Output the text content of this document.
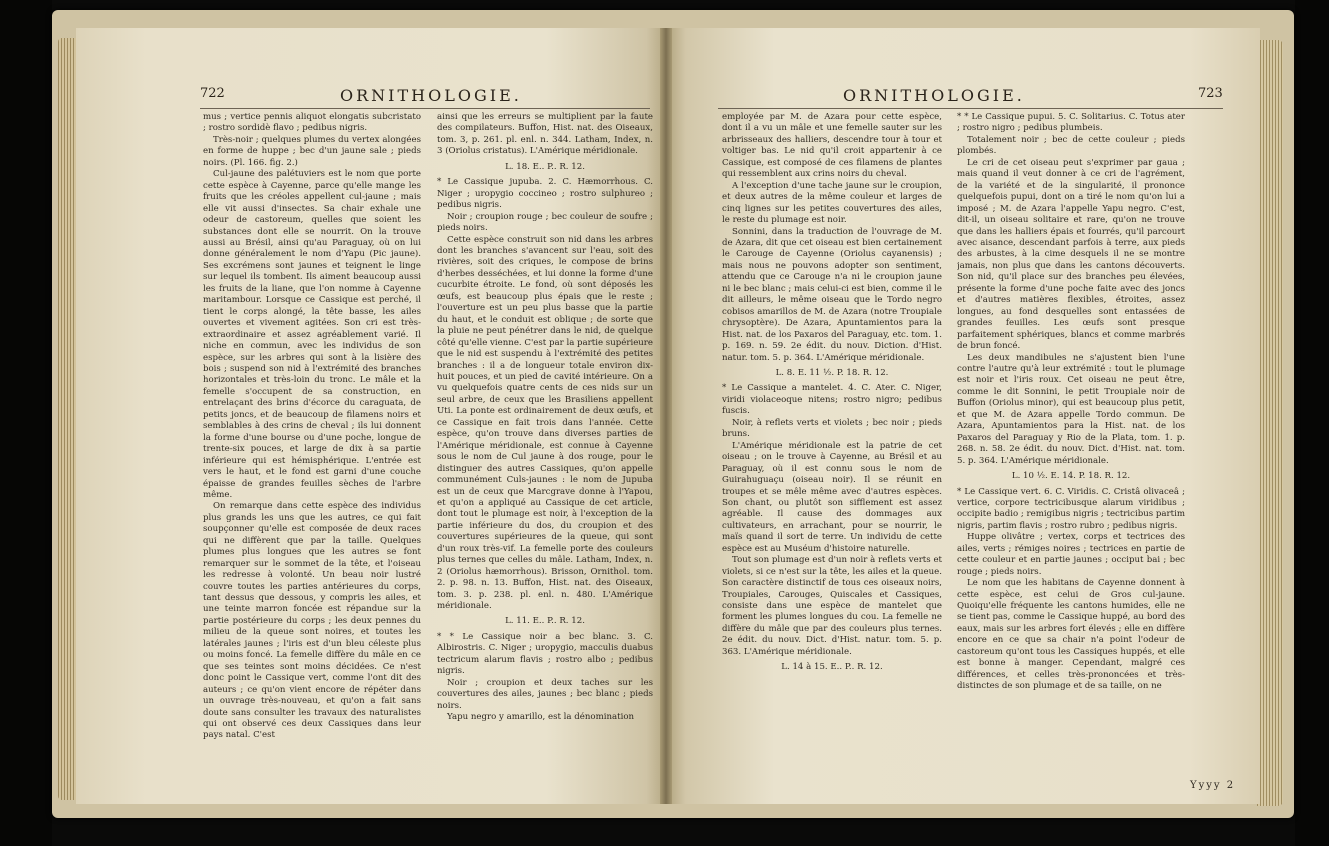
722	ORNITHOLOGIE.	ORNITHOLOGIE.	723

mus ; vertice pennis aliquot elongatis subcristato ; rostro sordidè flavo ; pedibus nigris.

Très-noir ; quelques plumes du vertex alongées en forme de huppe ; bec d'un jaune sale ; pieds noirs. (Pl. 166. fig. 2.)

Cul-jaune des palétuviers est le nom que porte cette espèce à Cayenne, parce qu'elle mange les fruits que les créoles appellent cul-jaune ; mais elle vit aussi d'insectes. Sa chair exhale une odeur de castoreum, quelles que soient les substances dont elle se nourrit. On la trouve aussi au Brésil, ainsi qu'au Paraguay, où on lui donne généralement le nom d'Yapu (Pic jaune). Ses excrémens sont jaunes et teignent le linge sur lequel ils tombent. Ils aiment beaucoup aussi les fruits de la liane, que l'on nomme à Cayenne maritambour. Lorsque ce Cassique est perché, il tient le corps alongé, la tête basse, les ailes ouvertes et vivement agitées. Son cri est très-extraordinaire et assez agréablement varié. Il niche en commun, avec les individus de son espèce, sur les arbres qui sont à la lisière des bois ; suspend son nid à l'extrémité des branches horizontales et très-loin du tronc. Le mâle et la femelle s'occupent de sa construction, en entrelaçant des brins d'écorce du caraguata, de petits joncs, et de beaucoup de filamens noirs et semblables à des crins de cheval ; ils lui donnent la forme d'une bourse ou d'une poche, longue de trente-six pouces, et large de dix à sa partie inférieure qui est hémisphérique. L'entrée est vers le haut, et le fond est garni d'une couche épaisse de grandes feuilles sèches de l'arbre même.

On remarque dans cette espèce des individus plus grands les uns que les autres, ce qui fait soupçonner qu'elle est composée de deux races qui ne diffèrent que par la taille. Quelques plumes plus longues que les autres se font remarquer sur le sommet de la tête, et l'oiseau les redresse à volonté. Un beau noir lustré couvre toutes les parties antérieures du corps, tant dessus que dessous, y compris les ailes, et une teinte marron foncée est répandue sur la partie postérieure du corps ; les deux pennes du milieu de la queue sont noires, et toutes les latérales jaunes ; l'iris est d'un bleu céleste plus ou moins foncé. La femelle diffère du mâle en ce que ses teintes sont moins décidées. Ce n'est donc point le Cassique vert, comme l'ont dit des auteurs ; ce qu'on vient encore de répéter dans un ouvrage très-nouveau, et qu'on a fait sans doute sans consulter les travaux des naturalistes qui ont observé ces deux Cassiques dans leur pays natal. C'est

ainsi que les erreurs se multiplient par la faute des compilateurs. Buffon, Hist. nat. des Oiseaux, tom. 3, p. 261. pl. enl. n. 344. Latham, Index, n. 3 (Oriolus cristatus). L'Amérique méridionale.

L. 18. E.. P.. R. 12.

* Le Cassique jupuba. 2. C. Hæmorrhous. C. Niger ; uropygio coccineo ; rostro sulphureo ; pedibus nigris.

Noir ; croupion rouge ; bec couleur de soufre ; pieds noirs.

Cette espèce construit son nid dans les arbres dont les branches s'avancent sur l'eau, soit des rivières, soit des criques, le compose de brins d'herbes desséchées, et lui donne la forme d'une cucurbite étroite. Le fond, où sont déposés les œufs, est beaucoup plus épais que le reste ; l'ouverture est un peu plus basse que la partie du haut, et le conduit est oblique ; de sorte que la pluie ne peut pénétrer dans le nid, de quelque côté qu'elle vienne. C'est par la partie supérieure que le nid est suspendu à l'extrémité des petites branches : il a de longueur totale environ dix-huit pouces, et un pied de cavité intérieure. On a vu quelquefois quatre cents de ces nids sur un seul arbre, de ceux que les Brasiliens appellent Uti. La ponte est ordinairement de deux œufs, et ce Cassique en fait trois dans l'année. Cette espèce, qu'on trouve dans diverses parties de l'Amérique méridionale, est connue à Cayenne sous le nom de Cul jaune à dos rouge, pour le distinguer des autres Cassiques, qu'on appelle communément Culs-jaunes : le nom de Jupuba est un de ceux que Marcgrave donne à l'Yapou, et qu'on a appliqué au Cassique de cet article, dont tout le plumage est noir, à l'exception de la partie inférieure du dos, du croupion et des couvertures supérieures de la queue, qui sont d'un roux très-vif. La femelle porte des couleurs plus ternes que celles du mâle. Latham, Index, n. 2 (Oriolus hæmorrhous). Brisson, Ornithol. tom. 2. p. 98. n. 13. Buffon, Hist. nat. des Oiseaux, tom. 3. p. 238. pl. enl. n. 480. L'Amérique méridionale.

L. 11. E.. P.. R. 12.

* * Le Cassique noir a bec blanc. 3. C. Albirostris. C. Niger ; uropygio, macculis duabus tectricum alarum flavis ; rostro albo ; pedibus nigris.

Noir ; croupion et deux taches sur les couvertures des ailes, jaunes ; bec blanc ; pieds noirs.

Yapu negro y amarillo, est la dénomination

employée par M. de Azara pour cette espèce, dont il a vu un mâle et une femelle sauter sur les arbrisseaux des halliers, descendre tour à tour et voltiger bas. Le nid qu'il croit appartenir à ce Cassique, est composé de ces filamens de plantes qui ressemblent aux crins noirs du cheval.

A l'exception d'une tache jaune sur le croupion, et deux autres de la même couleur et larges de cinq lignes sur les petites couvertures des ailes, le reste du plumage est noir.

Sonnini, dans la traduction de l'ouvrage de M. de Azara, dit que cet oiseau est bien certainement le Carouge de Cayenne (Oriolus cayanensis) ; mais nous ne pouvons adopter son sentiment, attendu que ce Carouge n'a ni le croupion jaune ni le bec blanc ; mais celui-ci est bien, comme il le dit ailleurs, le même oiseau que le Tordo negro cobisos amarillos de M. de Azara (notre Troupiale chrysoptère). De Azara, Apuntamientos para la Hist. nat. de los Paxaros del Paraguay, etc. tom. 1. p. 169. n. 59. 2e édit. du nouv. Diction. d'Hist. natur. tom. 5. p. 364. L'Amérique méridionale.

L. 8. E. 11 ½. P. 18. R. 12.

* Le Cassique a mantelet. 4. C. Ater. C. Niger, viridi violaceoque nitens; rostro nigro; pedibus fuscis.

Noir, à reflets verts et violets ; bec noir ; pieds bruns.

L'Amérique méridionale est la patrie de cet oiseau ; on le trouve à Cayenne, au Brésil et au Paraguay, où il est connu sous le nom de Guirahuguaçu (oiseau noir). Il se réunit en troupes et se mêle même avec d'autres espèces. Son chant, ou plutôt son sifflement est assez agréable. Il cause des dommages aux cultivateurs, en arrachant, pour se nourrir, le maïs quand il sort de terre. Un individu de cette espèce est au Muséum d'histoire naturelle.

Tout son plumage est d'un noir à reflets verts et violets, si ce n'est sur la tête, les ailes et la queue. Son caractère distinctif de tous ces oiseaux noirs, Troupiales, Carouges, Quiscales et Cassiques, consiste dans une espèce de mantelet que forment les plumes longues du cou. La femelle ne diffère du mâle que par des couleurs plus ternes. 2e édit. du nouv. Dict. d'Hist. natur. tom. 5. p. 363. L'Amérique méridionale.

L. 14 à 15. E.. P.. R. 12.

* * Le Cassique pupui. 5. C. Solitarius. C. Totus ater ; rostro nigro ; pedibus plumbeis.

Totalement noir ; bec de cette couleur ; pieds plombés.

Le cri de cet oiseau peut s'exprimer par gaua ; mais quand il veut donner à ce cri de l'agrément, de la variété et de la singularité, il prononce quelquefois pupui, dont on a tiré le nom qu'on lui a imposé ; M. de Azara l'appelle Yapu negro. C'est, dit-il, un oiseau solitaire et rare, qu'on ne trouve que dans les halliers épais et fourrés, qu'il parcourt avec aisance, descendant parfois à terre, aux pieds des arbustes, à la cime desquels il ne se montre jamais, non plus que dans les cantons découverts. Son nid, qu'il place sur des branches peu élevées, présente la forme d'une poche faite avec des joncs et d'autres matières flexibles, étroites, assez longues, au fond desquelles sont entassées de grandes feuilles. Les œufs sont presque parfaitement sphériques, blancs et comme marbrés de brun foncé.

Les deux mandibules ne s'ajustent bien l'une contre l'autre qu'à leur extrémité : tout le plumage est noir et l'iris roux. Cet oiseau ne peut être, comme le dit Sonnini, le petit Troupiale noir de Buffon (Oriolus minor), qui est beaucoup plus petit, et que M. de Azara appelle Tordo commun. De Azara, Apuntamientos para la Hist. nat. de los Paxaros del Paraguay y Rio de la Plata, tom. 1. p. 268. n. 58. 2e édit. du nouv. Dict. d'Hist. nat. tom. 5. p. 364. L'Amérique méridionale.

L. 10 ½. E. 14. P. 18. R. 12.

* Le Cassique vert. 6. C. Viridis. C. Cristâ olivaceâ ; vertice, corpore tectricibusque alarum viridibus ; occipite badio ; remigibus nigris ; tectricibus partim nigris, partim flavis ; rostro rubro ; pedibus nigris.

Huppe olivâtre ; vertex, corps et tectrices des ailes, verts ; rémiges noires ; tectrices en partie de cette couleur et en partie jaunes ; occiput bai ; bec rouge ; pieds noirs.

Le nom que les habitans de Cayenne donnent à cette espèce, est celui de Gros cul-jaune. Quoiqu'elle fréquente les cantons humides, elle ne se tient pas, comme le Cassique huppé, au bord des eaux, mais sur les arbres fort élevés ; elle en diffère encore en ce que sa chair n'a point l'odeur de castoreum qu'ont tous les Cassiques huppés, et elle est bonne à manger. Cependant, malgré ces différences, et celles très-prononcées et très-distinctes de son plumage et de sa taille, on ne

Yyyy 2
